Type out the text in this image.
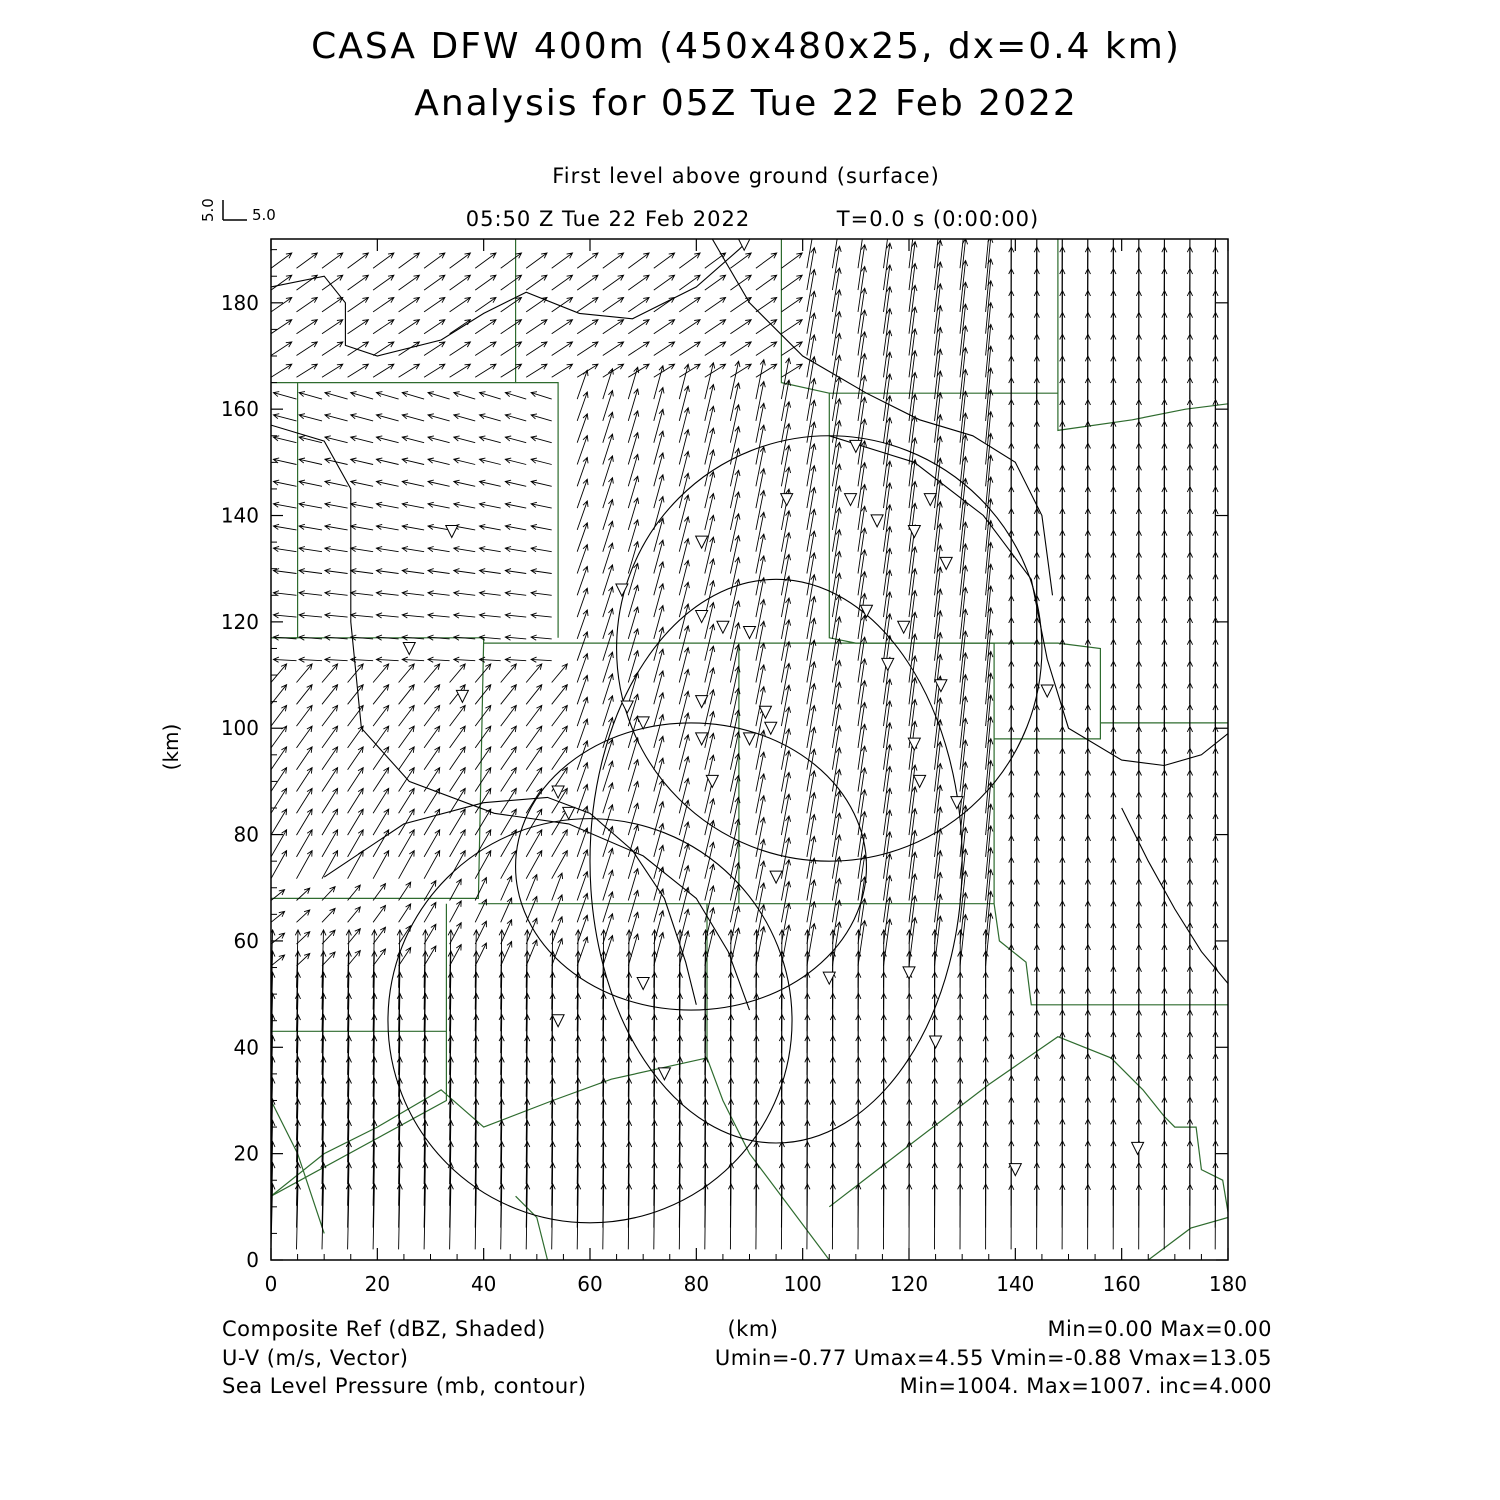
CASA DFW 400m (450x480x25, dx=0.4 km)
Analysis for 05Z Tue 22 Feb 2022
First level above ground (surface)
05:50 Z Tue 22 Feb 2022	T=0.0 s (0:00:00)
5.0 5.0
0	20	40	60	80	100	120	140	160	180
0
20
40
60
80
100
120
140
160
180
(km)
Composite Ref (dBZ, Shaded)	(km)	Min=0.00 Max=0.00
U-V (m/s, Vector)	Umin=-0.77 Umax=4.55 Vmin=-0.88 Vmax=13.05
Sea Level Pressure (mb, contour)	Min=1004. Max=1007. inc=4.000
